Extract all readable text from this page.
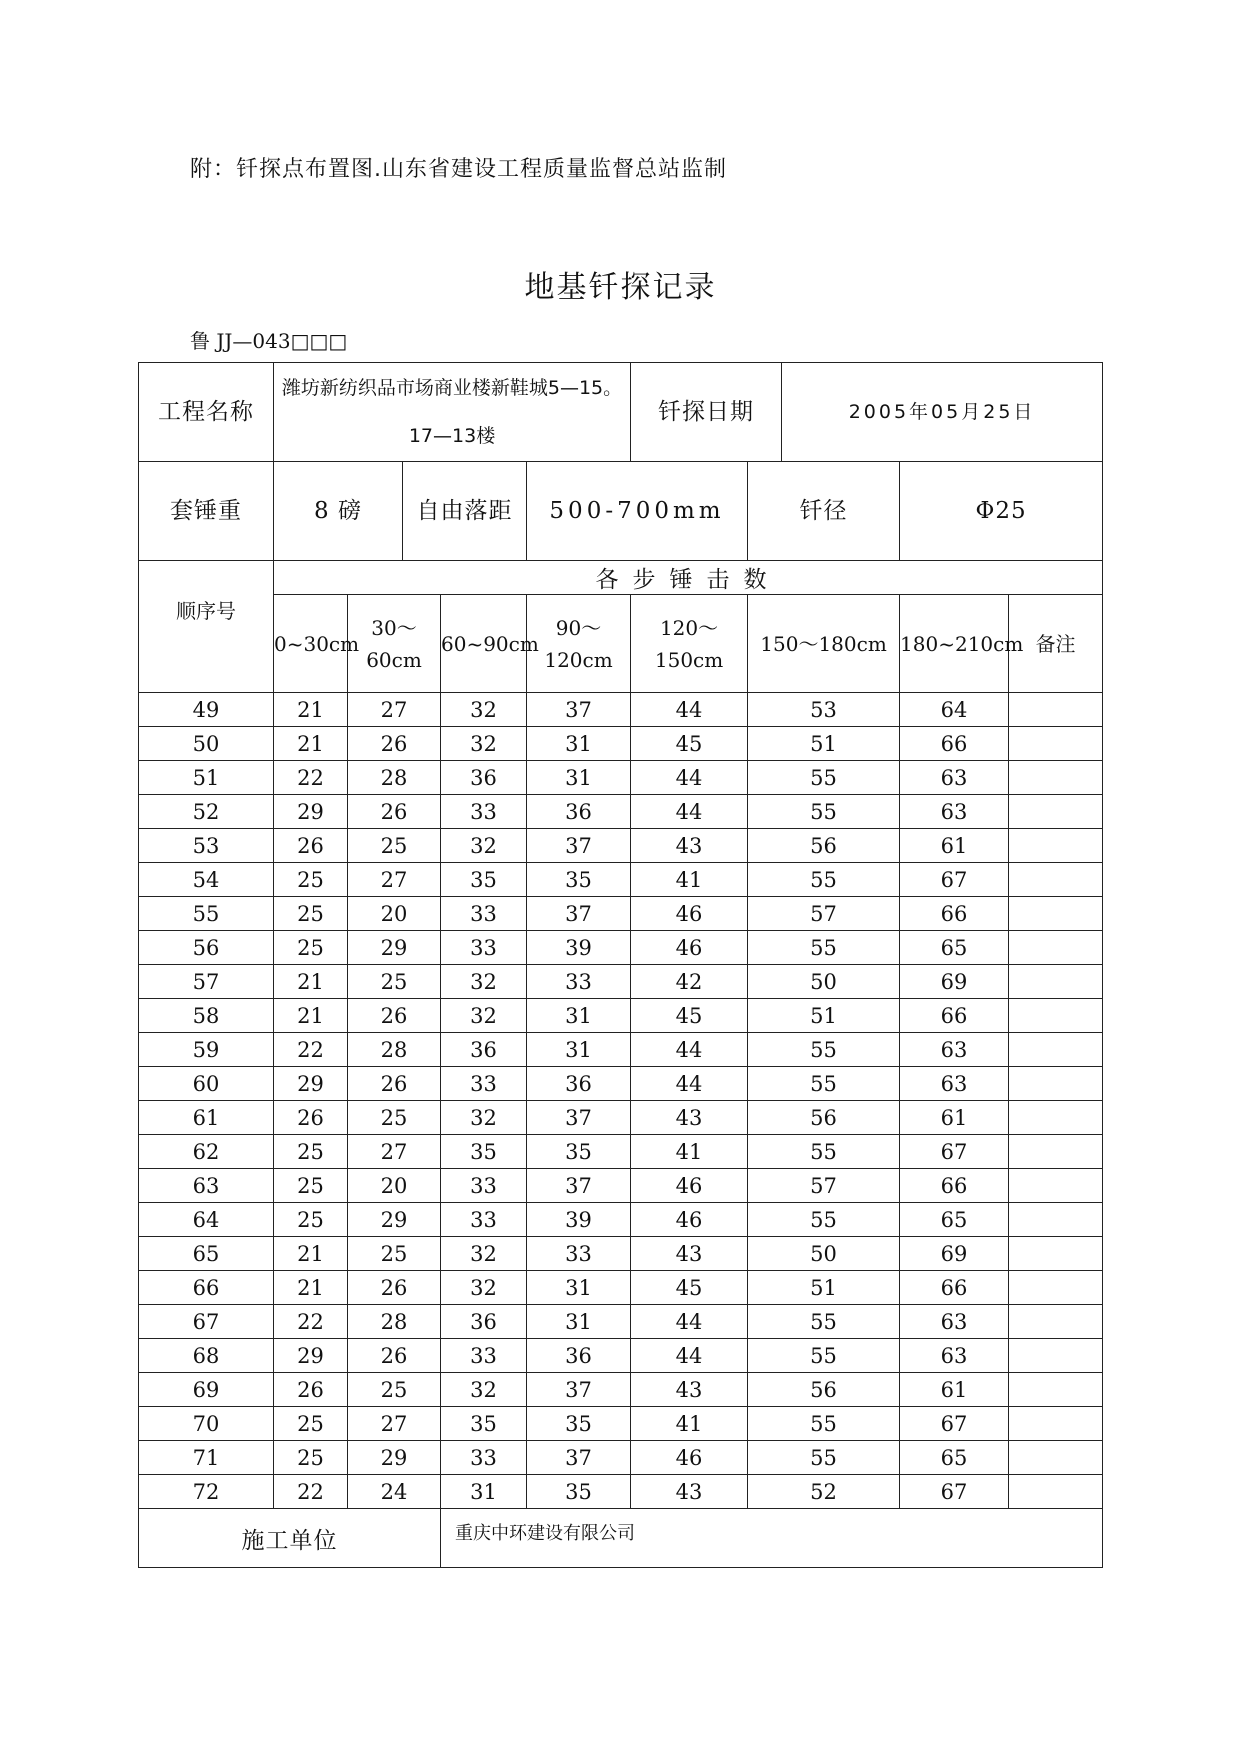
附：钎探点布置图.山东省建设工程质量监督总站监制
地基钎探记录
鲁 JJ—043□□□
工程名称	潍坊新纺织品市场商业楼新鞋城5—15。17—13楼					钎探日期		2005年05月25日		
套锤重	8 磅		自由落距		500-700mm		钎径		Φ25	
顺序号	各步锤击数									
	0~30cm	30～60cm		60~90cm	90～120cm	120～150cm	150～180cm		180~210cm	备注
49	21	27		32	37	44	53		64	
50	21	26		32	31	45	51		66	
51	22	28		36	31	44	55		63	
52	29	26		33	36	44	55		63	
53	26	25		32	37	43	56		61	
54	25	27		35	35	41	55		67	
55	25	20		33	37	46	57		66	
56	25	29		33	39	46	55		65	
57	21	25		32	33	42	50		69	
58	21	26		32	31	45	51		66	
59	22	28		36	31	44	55		63	
60	29	26		33	36	44	55		63	
61	26	25		32	37	43	56		61	
62	25	27		35	35	41	55		67	
63	25	20		33	37	46	57		66	
64	25	29		33	39	46	55		65	
65	21	25		32	33	43	50		69	
66	21	26		32	31	45	51		66	
67	22	28		36	31	44	55		63	
68	29	26		33	36	44	55		63	
69	26	25		32	37	43	56		61	
70	25	27		35	35	41	55		67	
71	25	29		33	37	46	55		65	
72	22	24		31	35	43	52		67	
施工单位				重庆中环建设有限公司						
